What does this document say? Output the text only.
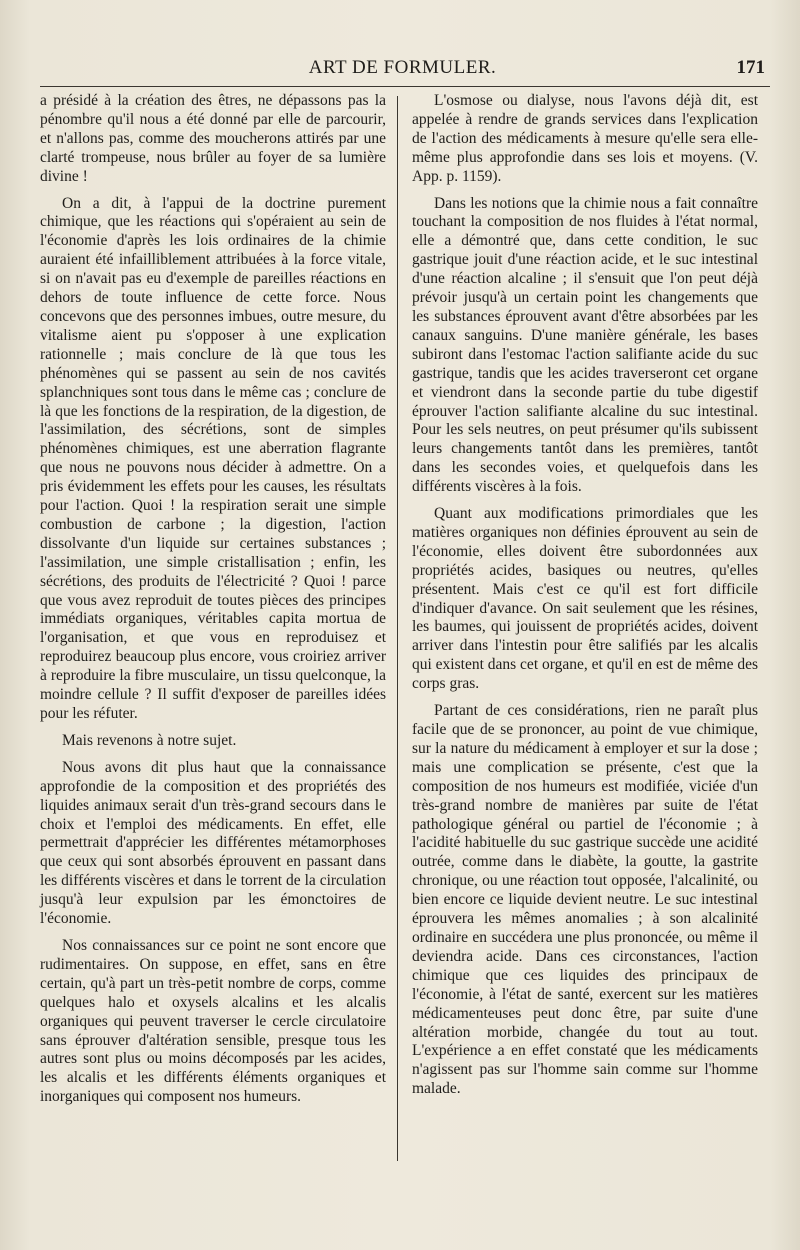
ART DE FORMULER.	171

a présidé à la création des êtres, ne dépassons pas la pénombre qu'il nous a été donné par elle de parcourir, et n'allons pas, comme des moucherons attirés par une clarté trompeuse, nous brûler au foyer de sa lumière divine !

On a dit, à l'appui de la doctrine purement chimique, que les réactions qui s'opéraient au sein de l'économie d'après les lois ordinaires de la chimie auraient été infailliblement attribuées à la force vitale, si on n'avait pas eu d'exemple de pareilles réactions en dehors de toute influence de cette force. Nous concevons que des personnes imbues, outre mesure, du vitalisme aient pu s'opposer à une explication rationnelle ; mais conclure de là que tous les phénomènes qui se passent au sein de nos cavités splanchniques sont tous dans le même cas ; conclure de là que les fonctions de la respiration, de la digestion, de l'assimilation, des sécrétions, sont de simples phénomènes chimiques, est une aberration flagrante que nous ne pouvons nous décider à admettre. On a pris évidemment les effets pour les causes, les résultats pour l'action. Quoi ! la respiration serait une simple combustion de carbone ; la digestion, l'action dissolvante d'un liquide sur certaines substances ; l'assimilation, une simple cristallisation ; enfin, les sécrétions, des produits de l'électricité ? Quoi ! parce que vous avez reproduit de toutes pièces des principes immédiats organiques, véritables capita mortua de l'organisation, et que vous en reproduisez et reproduirez beaucoup plus encore, vous croiriez arriver à reproduire la fibre musculaire, un tissu quelconque, la moindre cellule ? Il suffit d'exposer de pareilles idées pour les réfuter.

Mais revenons à notre sujet.

Nous avons dit plus haut que la connaissance approfondie de la composition et des propriétés des liquides animaux serait d'un très-grand secours dans le choix et l'emploi des médicaments. En effet, elle permettrait d'apprécier les différentes métamorphoses que ceux qui sont absorbés éprouvent en passant dans les différents viscères et dans le torrent de la circulation jusqu'à leur expulsion par les émonctoires de l'économie.

Nos connaissances sur ce point ne sont encore que rudimentaires. On suppose, en effet, sans en être certain, qu'à part un très-petit nombre de corps, comme quelques halo et oxysels alcalins et les alcalis organiques qui peuvent traverser le cercle circulatoire sans éprouver d'altération sensible, presque tous les autres sont plus ou moins décomposés par les acides, les alcalis et les différents éléments organiques et inorganiques qui composent nos humeurs.

L'osmose ou dialyse, nous l'avons déjà dit, est appelée à rendre de grands services dans l'explication de l'action des médicaments à mesure qu'elle sera elle-même plus approfondie dans ses lois et moyens. (V. App. p. 1159).

Dans les notions que la chimie nous a fait connaître touchant la composition de nos fluides à l'état normal, elle a démontré que, dans cette condition, le suc gastrique jouit d'une réaction acide, et le suc intestinal d'une réaction alcaline ; il s'ensuit que l'on peut déjà prévoir jusqu'à un certain point les changements que les substances éprouvent avant d'être absorbées par les canaux sanguins. D'une manière générale, les bases subiront dans l'estomac l'action salifiante acide du suc gastrique, tandis que les acides traverseront cet organe et viendront dans la seconde partie du tube digestif éprouver l'action salifiante alcaline du suc intestinal. Pour les sels neutres, on peut présumer qu'ils subissent leurs changements tantôt dans les premières, tantôt dans les secondes voies, et quelquefois dans les différents viscères à la fois.

Quant aux modifications primordiales que les matières organiques non définies éprouvent au sein de l'économie, elles doivent être subordonnées aux propriétés acides, basiques ou neutres, qu'elles présentent. Mais c'est ce qu'il est fort difficile d'indiquer d'avance. On sait seulement que les résines, les baumes, qui jouissent de propriétés acides, doivent arriver dans l'intestin pour être salifiés par les alcalis qui existent dans cet organe, et qu'il en est de même des corps gras.

Partant de ces considérations, rien ne paraît plus facile que de se prononcer, au point de vue chimique, sur la nature du médicament à employer et sur la dose ; mais une complication se présente, c'est que la composition de nos humeurs est modifiée, viciée d'un très-grand nombre de manières par suite de l'état pathologique général ou partiel de l'économie ; à l'acidité habituelle du suc gastrique succède une acidité outrée, comme dans le diabète, la goutte, la gastrite chronique, ou une réaction tout opposée, l'alcalinité, ou bien encore ce liquide devient neutre. Le suc intestinal éprouvera les mêmes anomalies ; à son alcalinité ordinaire en succédera une plus prononcée, ou même il deviendra acide. Dans ces circonstances, l'action chimique que ces liquides des principaux de l'économie, à l'état de santé, exercent sur les matières médicamenteuses peut donc être, par suite d'une altération morbide, changée du tout au tout. L'expérience a en effet constaté que les médicaments n'agissent pas sur l'homme sain comme sur l'homme malade.
